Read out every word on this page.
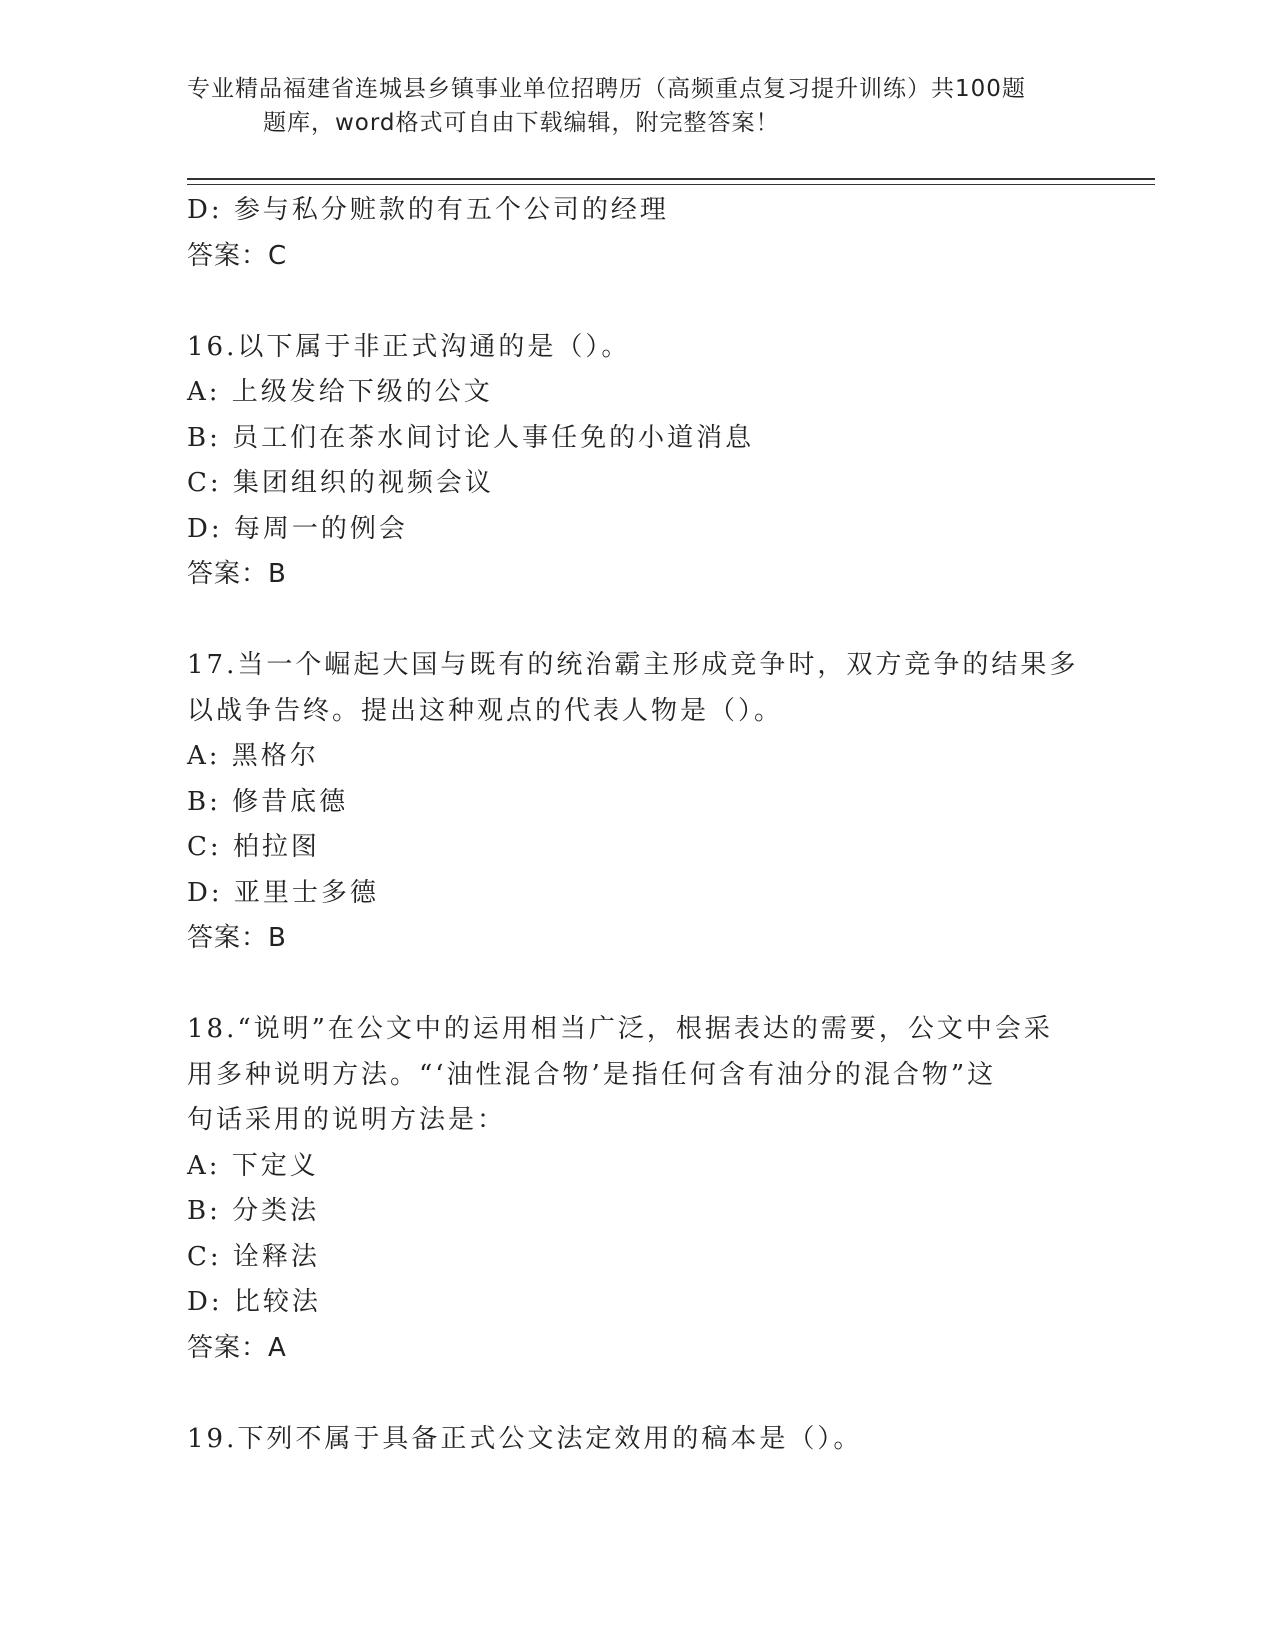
专业精品福建省连城县乡镇事业单位招聘历（高频重点复习提升训练）共100题
题库，word格式可自由下载编辑，附完整答案！
D: 参与私分赃款的有五个公司的经理
答案：C
16.以下属于非正式沟通的是（）。
A: 上级发给下级的公文
B: 员工们在茶水间讨论人事任免的小道消息
C: 集团组织的视频会议
D: 每周一的例会
答案：B
17.当一个崛起大国与既有的统治霸主形成竞争时，双方竞争的结果多
以战争告终。提出这种观点的代表人物是（）。
A: 黑格尔
B: 修昔底德
C: 柏拉图
D: 亚里士多德
答案：B
18.“说明”在公文中的运用相当广泛，根据表达的需要，公文中会采
用多种说明方法。“‘油性混合物’是指任何含有油分的混合物”这
句话采用的说明方法是：
A: 下定义
B: 分类法
C: 诠释法
D: 比较法
答案：A
19.下列不属于具备正式公文法定效用的稿本是（）。
